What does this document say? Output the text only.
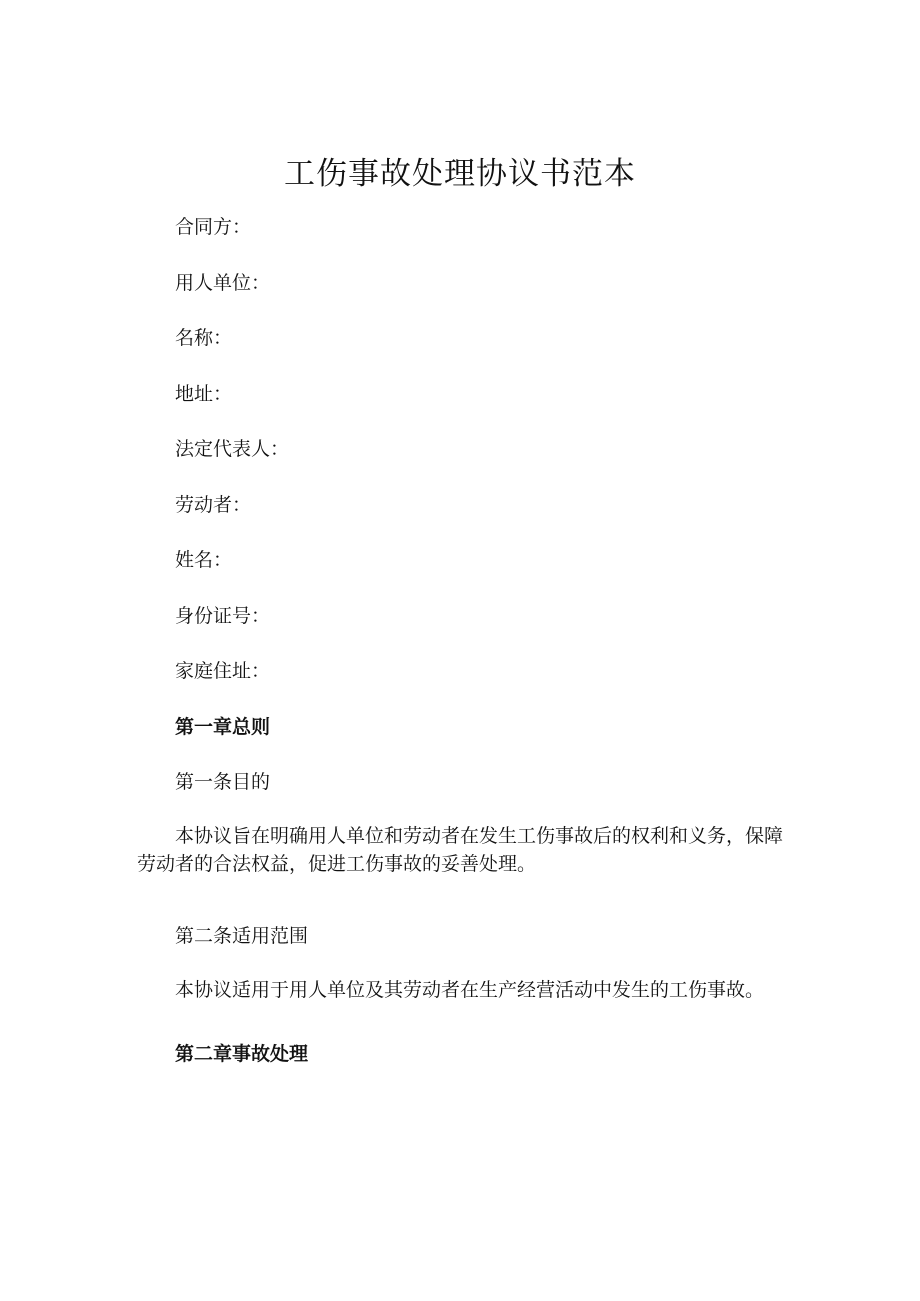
工伤事故处理协议书范本

合同方：

用人单位：

名称：

地址：

法定代表人：

劳动者：

姓名：

身份证号：

家庭住址：

第一章总则

第一条目的

本协议旨在明确用人单位和劳动者在发生工伤事故后的权利和义务，保障劳动者的合法权益，促进工伤事故的妥善处理。

第二条适用范围

本协议适用于用人单位及其劳动者在生产经营活动中发生的工伤事故。

第二章事故处理
